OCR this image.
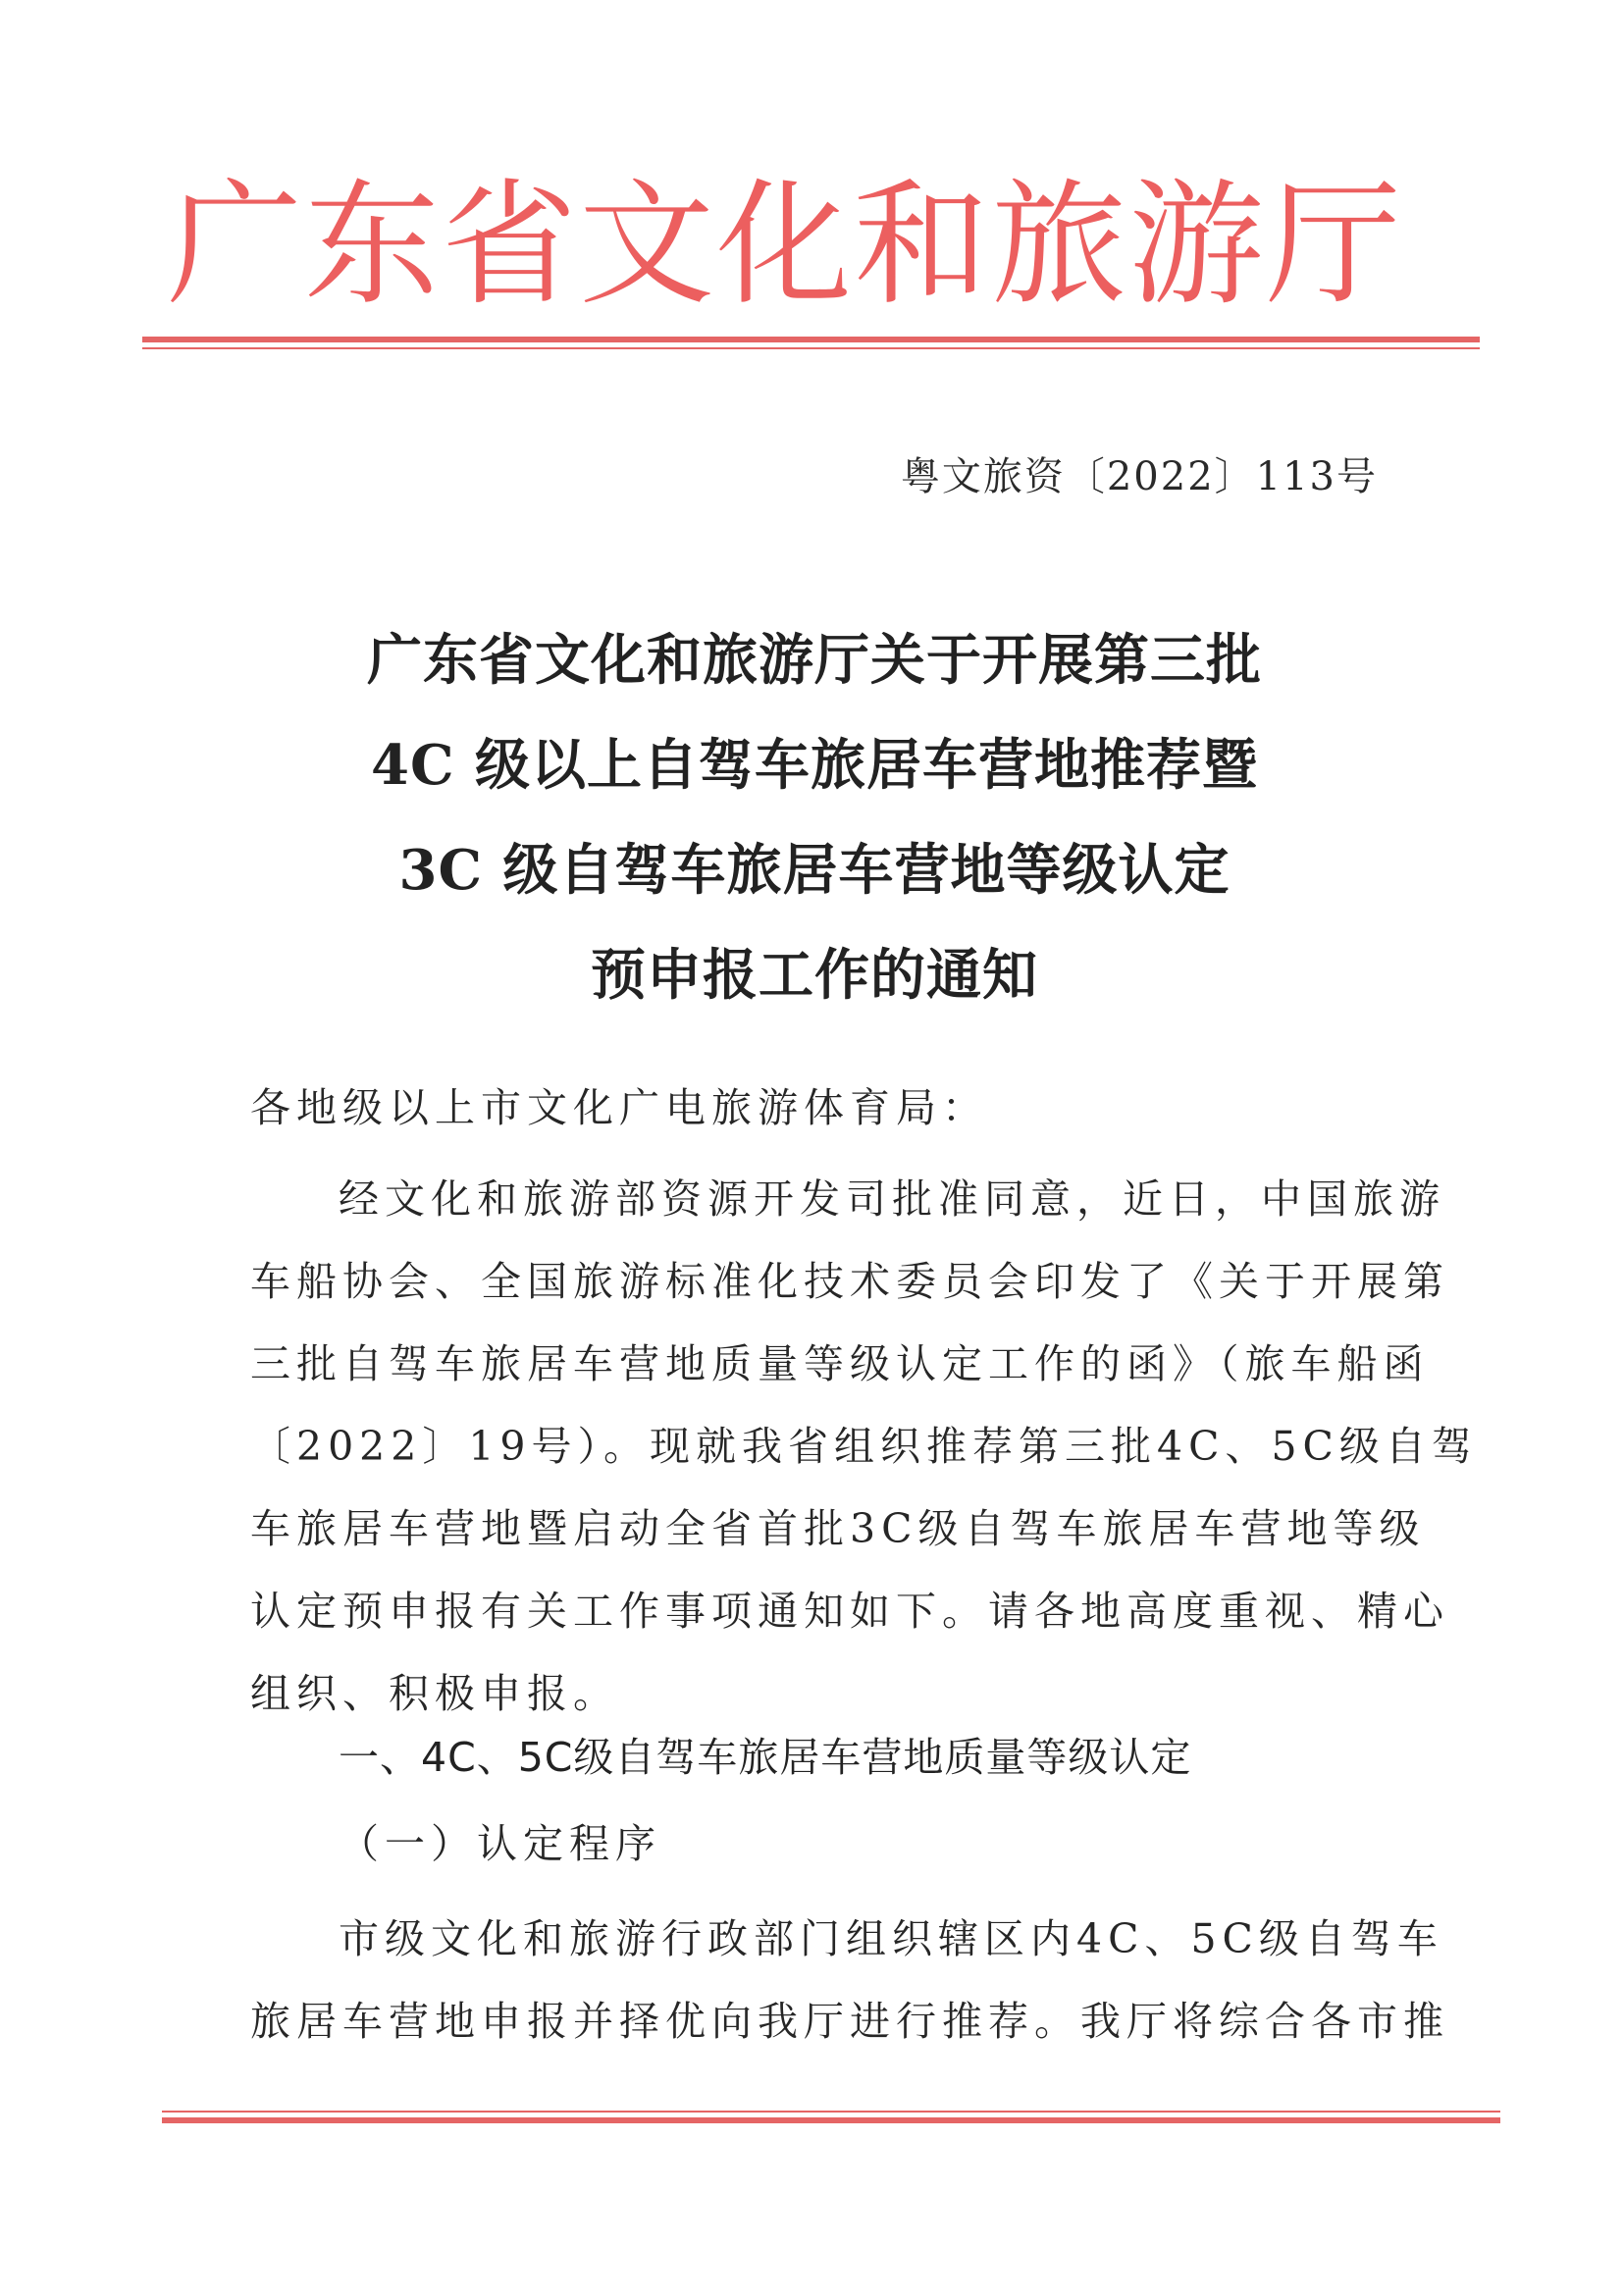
广东省文化和旅游厅
粤文旅资〔2022〕113号
广东省文化和旅游厅关于开展第三批
4C 级以上自驾车旅居车营地推荐暨
3C 级自驾车旅居车营地等级认定
预申报工作的通知
各地级以上市文化广电旅游体育局：
经文化和旅游部资源开发司批准同意，近日，中国旅游
车船协会、全国旅游标准化技术委员会印发了《关于开展第
三批自驾车旅居车营地质量等级认定工作的函》（旅车船函
〔2022〕19号）。现就我省组织推荐第三批4C、5C级自驾
车旅居车营地暨启动全省首批3C级自驾车旅居车营地等级
认定预申报有关工作事项通知如下。请各地高度重视、精心
组织、积极申报。
一、4C、5C级自驾车旅居车营地质量等级认定
（一）认定程序
市级文化和旅游行政部门组织辖区内4C、5C级自驾车
旅居车营地申报并择优向我厅进行推荐。我厅将综合各市推
